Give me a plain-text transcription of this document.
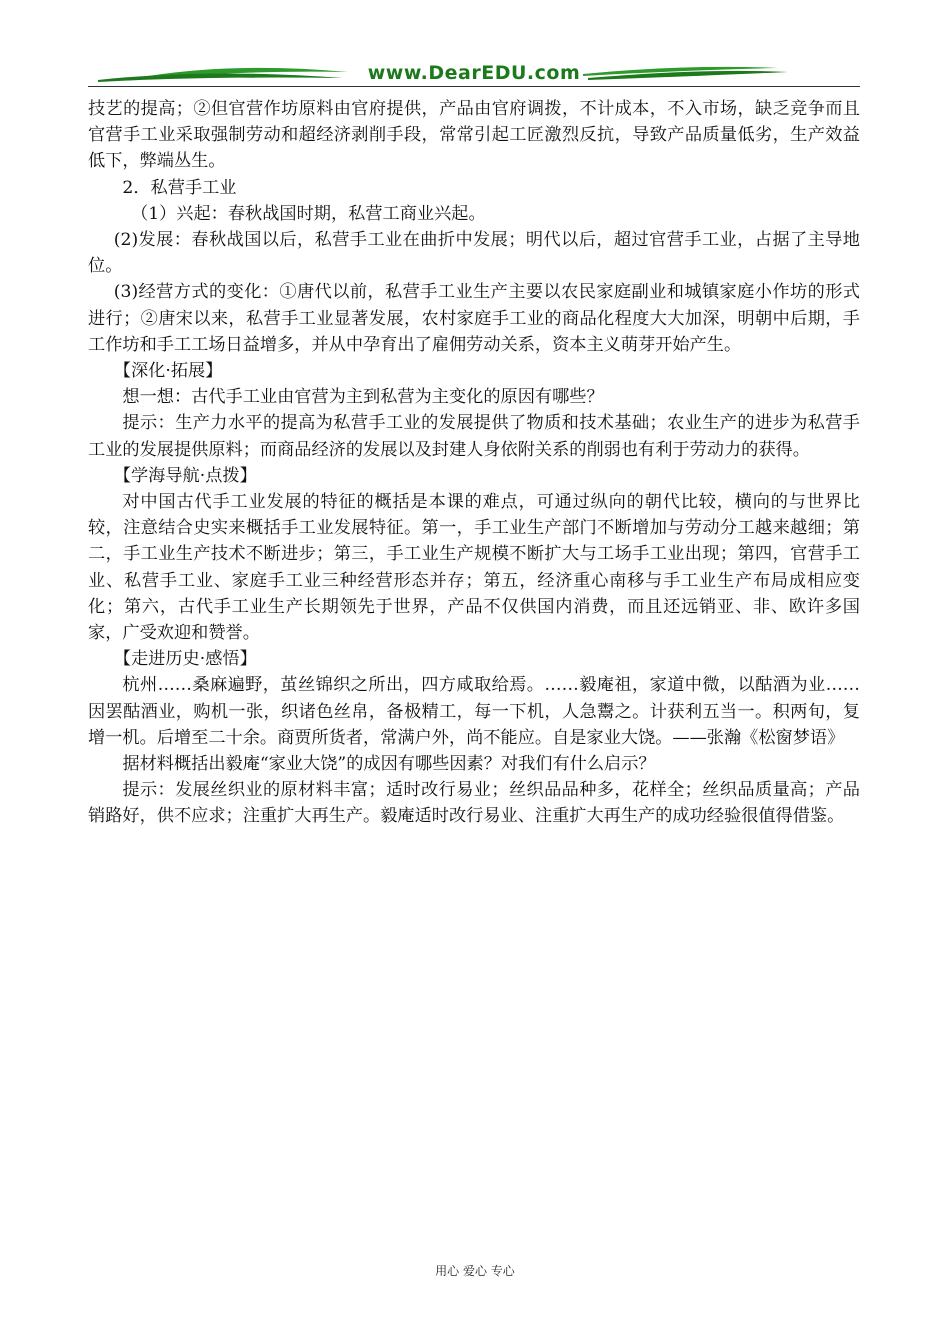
www.DearEDU.com

技艺的提高；②但官营作坊原料由官府提供，产品由官府调拨，不计成本，不入市场，缺乏竞争而且官营手工业采取强制劳动和超经济剥削手段，常常引起工匠激烈反抗，导致产品质量低劣，生产效益低下，弊端丛生。

2．私营手工业

（1）兴起：春秋战国时期，私营工商业兴起。

(2)发展：春秋战国以后，私营手工业在曲折中发展；明代以后，超过官营手工业，占据了主导地位。

(3)经营方式的变化：①唐代以前，私营手工业生产主要以农民家庭副业和城镇家庭小作坊的形式进行；②唐宋以来，私营手工业显著发展，农村家庭手工业的商品化程度大大加深，明朝中后期，手工作坊和手工工场日益增多，并从中孕育出了雇佣劳动关系，资本主义萌芽开始产生。

【深化·拓展】

想一想：古代手工业由官营为主到私营为主变化的原因有哪些？

提示：生产力水平的提高为私营手工业的发展提供了物质和技术基础；农业生产的进步为私营手工业的发展提供原料；而商品经济的发展以及封建人身依附关系的削弱也有利于劳动力的获得。

【学海导航·点拨】

对中国古代手工业发展的特征的概括是本课的难点，可通过纵向的朝代比较，横向的与世界比较，注意结合史实来概括手工业发展特征。第一，手工业生产部门不断增加与劳动分工越来越细；第二，手工业生产技术不断进步；第三，手工业生产规模不断扩大与工场手工业出现；第四，官营手工业、私营手工业、家庭手工业三种经营形态并存；第五，经济重心南移与手工业生产布局成相应变化；第六，古代手工业生产长期领先于世界，产品不仅供国内消费，而且还远销亚、非、欧许多国家，广受欢迎和赞誉。

【走进历史·感悟】

杭州……桑麻遍野，茧丝锦织之所出，四方咸取给焉。……毅庵祖，家道中微，以酤酒为业……因罢酤酒业，购机一张，织诸色丝帛，备极精工，每一下机，人急鬻之。计获利五当一。积两旬，复增一机。后增至二十余。商贾所货者，常满户外，尚不能应。自是家业大饶。——张瀚《松窗梦语》

据材料概括出毅庵“家业大饶”的成因有哪些因素？对我们有什么启示？

提示：发展丝织业的原材料丰富；适时改行易业；丝织品品种多，花样全；丝织品质量高；产品销路好，供不应求；注重扩大再生产。毅庵适时改行易业、注重扩大再生产的成功经验很值得借鉴。

用心 爱心 专心
